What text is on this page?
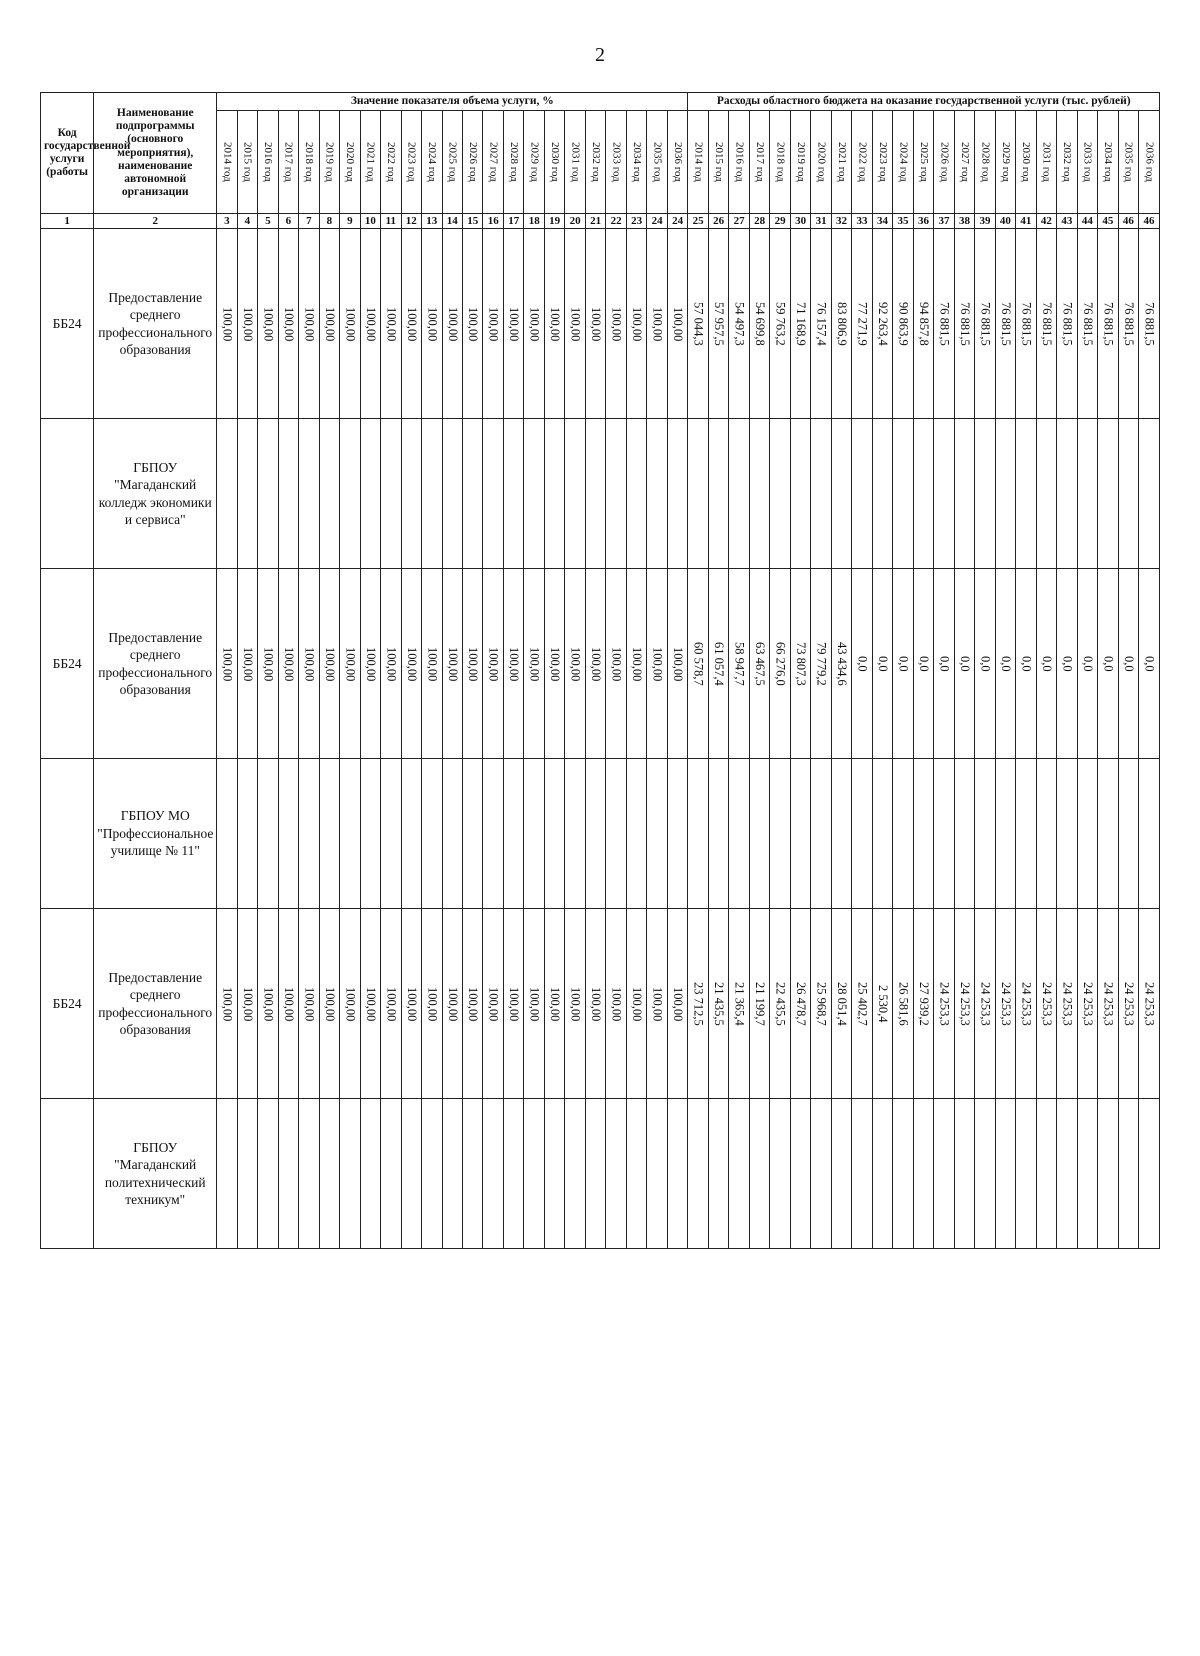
2
Код государственной услуги (работы	Наименование подпрограммы (основного мероприятия), наименование автономной организации	Значение показателя объема услуги, %																							Расходы областного бюджета на оказание государственной услуги (тыс. рублей)																						
		2014 год	2015 год	2016 год	2017 год	2018 год	2019 год	2020 год	2021 год	2022 год	2023 год	2024 год	2025 год	2026 год	2027 год	2028 год	2029 год	2030 год	2031 год	2032 год	2033 год	2034 год	2035 год	2036 год	2014 год	2015 год	2016 год	2017 год	2018 год	2019 год	2020 год	2021 год	2022 год	2023 год	2024 год	2025 год	2026 год	2027 год	2028 год	2029 год	2030 год	2031 год	2032 год	2033 год	2034 год	2035 год	2036 год
1	2	3	4	5	6	7	8	9	10	11	12	13	14	15	16	17	18	19	20	21	22	23	24	24	25	26	27	28	29	30	31	32	33	34	35	36	37	38	39	40	41	42	43	44	45	46	46
ББ24	Предоставление среднего профессионального образования	100,00	100,00	100,00	100,00	100,00	100,00	100,00	100,00	100,00	100,00	100,00	100,00	100,00	100,00	100,00	100,00	100,00	100,00	100,00	100,00	100,00	100,00	100,00	57 044,3	57 957,5	54 497,3	54 699,8	59 763,2	71 168,9	76 157,4	83 806,9	77 271,9	92 263,4	90 863,9	94 857,8	76 881,5	76 881,5	76 881,5	76 881,5	76 881,5	76 881,5	76 881,5	76 881,5	76 881,5	76 881,5	76 881,5
	ГБПОУ "Магаданский колледж экономики и сервиса"																																														
ББ24	Предоставление среднего профессионального образования	100,00	100,00	100,00	100,00	100,00	100,00	100,00	100,00	100,00	100,00	100,00	100,00	100,00	100,00	100,00	100,00	100,00	100,00	100,00	100,00	100,00	100,00	100,00	60 578,7	61 057,4	58 947,7	63 467,5	66 276,0	73 807,3	79 779,2	43 434,6	0,0	0,0	0,0	0,0	0,0	0,0	0,0	0,0	0,0	0,0	0,0	0,0	0,0	0,0	0,0
	ГБПОУ МО "Профессиональное училище № 11"																																														
ББ24	Предоставление среднего профессионального образования	100,00	100,00	100,00	100,00	100,00	100,00	100,00	100,00	100,00	100,00	100,00	100,00	100,00	100,00	100,00	100,00	100,00	100,00	100,00	100,00	100,00	100,00	100,00	23 712,5	21 435,5	21 365,4	21 199,7	22 435,5	26 478,7	25 968,7	28 051,4	25 402,7	2 530,4	26 581,6	27 939,2	24 253,3	24 253,3	24 253,3	24 253,3	24 253,3	24 253,3	24 253,3	24 253,3	24 253,3	24 253,3	24 253,3
	ГБПОУ "Магаданский политехнический техникум"																																														
